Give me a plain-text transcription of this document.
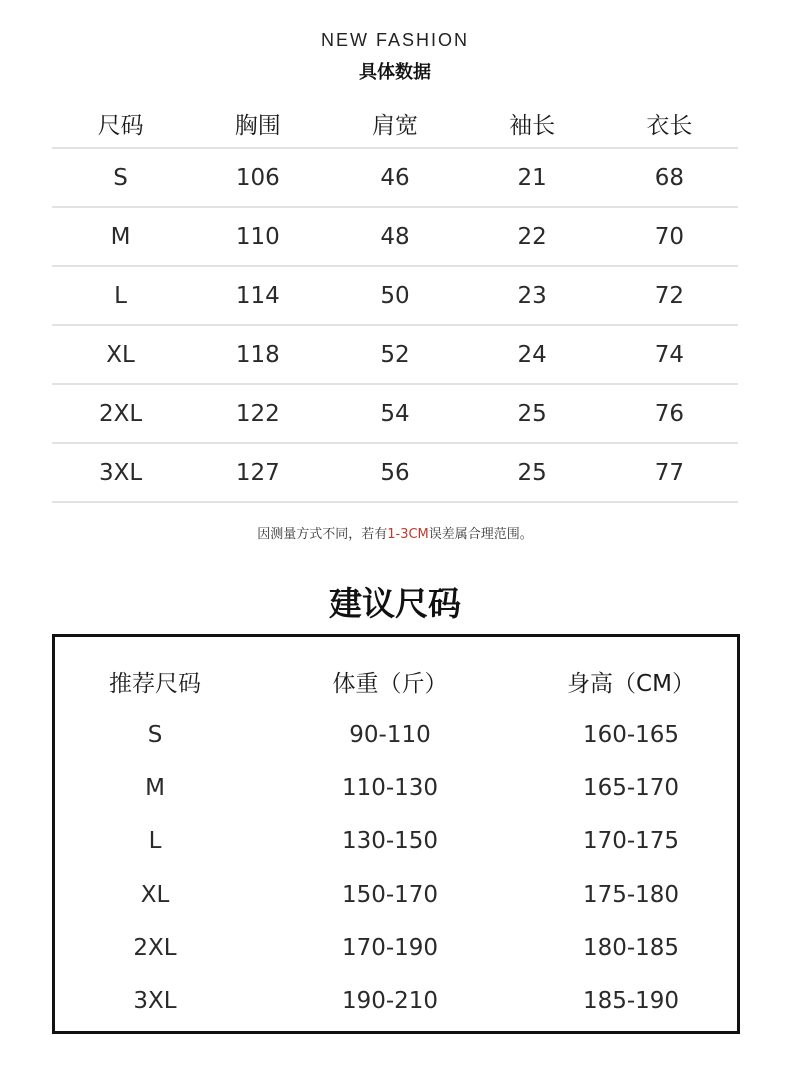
NEW FASHION
具体数据
尺码	胸围	肩宽	袖长	衣长
S	106	46	21	68
M	110	48	22	70
L	114	50	23	72
XL	118	52	24	74
2XL	122	54	25	76
3XL	127	56	25	77
因测量方式不同，若有1-3CM误差属合理范围。
建议尺码
推荐尺码	体重（斤）	身高（CM）
S	90-110	160-165
M	110-130	165-170
L	130-150	170-175
XL	150-170	175-180
2XL	170-190	180-185
3XL	190-210	185-190
